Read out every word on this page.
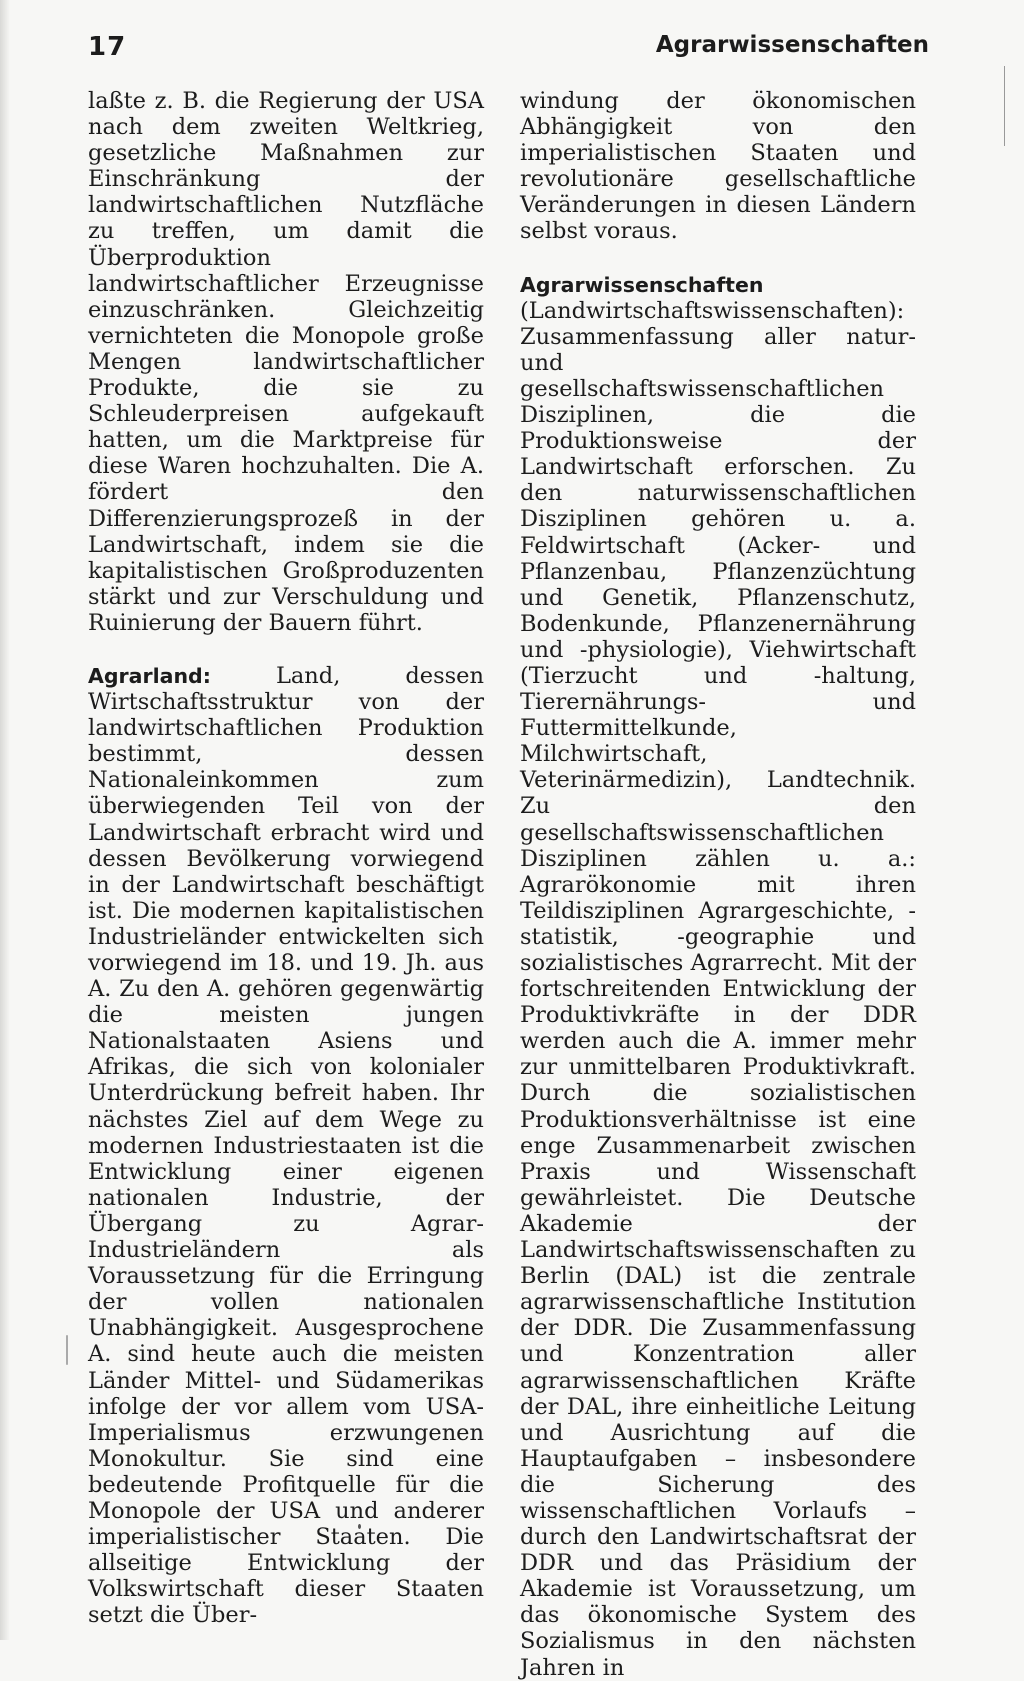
17	Agrarwissenschaften

laßte z. B. die Regierung der USA nach dem zweiten Weltkrieg, gesetzliche Maßnahmen zur Einschränkung der landwirtschaftlichen Nutzfläche zu treffen, um damit die Überproduktion landwirtschaftlicher Erzeugnisse einzuschränken. Gleichzeitig vernichteten die Monopole große Mengen landwirtschaftlicher Produkte, die sie zu Schleuderpreisen aufgekauft hatten, um die Marktpreise für diese Waren hochzuhalten. Die A. fördert den Differenzierungsprozeß in der Landwirtschaft, indem sie die kapitalistischen Großproduzenten stärkt und zur Verschuldung und Ruinierung der Bauern führt.

Agrarland:	Land, dessen Wirtschaftsstruktur von der landwirtschaftlichen Produktion bestimmt, dessen Nationaleinkommen zum überwiegenden Teil von der Landwirtschaft erbracht wird und dessen Bevölkerung vorwiegend in der Landwirtschaft beschäftigt ist. Die modernen kapitalistischen Industrieländer entwickelten sich vorwiegend im 18. und 19. Jh. aus A. Zu den A. gehören gegenwärtig die meisten jungen Nationalstaaten Asiens und Afrikas, die sich von kolonialer Unterdrückung befreit haben. Ihr nächstes Ziel auf dem Wege zu modernen Industriestaaten ist die Entwicklung einer eigenen nationalen Industrie, der Übergang zu Agrar-Industrieländern als Voraussetzung für die Erringung der vollen nationalen Unabhängigkeit. Ausgesprochene A. sind heute auch die meisten Länder Mittel- und Südamerikas infolge der vor allem vom USA-Imperialismus erzwungenen Monokultur. Sie sind eine bedeutende Profitquelle für die Monopole der USA und anderer imperialistischer Staaten. Die allseitige Entwicklung der Volkswirtschaft dieser Staaten setzt die Über-

windung der ökonomischen Abhängigkeit von den imperialistischen Staaten und revolutionäre gesellschaftliche Veränderungen in diesen Ländern selbst voraus.

Agrarwissenschaften (Landwirtschaftswissenschaften): Zusammenfassung aller natur- und gesellschaftswissenschaftlichen Disziplinen, die die Produktionsweise der Landwirtschaft erforschen. Zu den naturwissenschaftlichen Disziplinen gehören u. a. Feldwirtschaft (Acker- und Pflanzenbau, Pflanzenzüchtung und Genetik, Pflanzenschutz, Bodenkunde, Pflanzenernährung und -physiologie), Viehwirtschaft (Tierzucht und -haltung, Tierernährungs- und Futtermittelkunde, Milchwirtschaft, Veterinärmedizin), Landtechnik. Zu den gesellschaftswissenschaftlichen Disziplinen zählen u. a.: Agrarökonomie mit ihren Teildisziplinen Agrargeschichte, -statistik, -geographie und sozialistisches Agrarrecht. Mit der fortschreitenden Entwicklung der Produktivkräfte in der DDR werden auch die A. immer mehr zur unmittelbaren Produktivkraft. Durch die sozialistischen Produktionsverhältnisse ist eine enge Zusammenarbeit zwischen Praxis und Wissenschaft gewährleistet. Die Deutsche Akademie der Landwirtschaftswissenschaften zu Berlin (DAL) ist die zentrale agrarwissenschaftliche Institution der DDR. Die Zusammenfassung und Konzentration aller agrarwissenschaftlichen Kräfte der DAL, ihre einheitliche Leitung und Ausrichtung auf die Hauptaufgaben – insbesondere die Sicherung des wissenschaftlichen Vorlaufs – durch den Landwirtschaftsrat der DDR und das Präsidium der Akademie ist Voraussetzung, um das ökonomische System des Sozialismus in den nächsten Jahren in
